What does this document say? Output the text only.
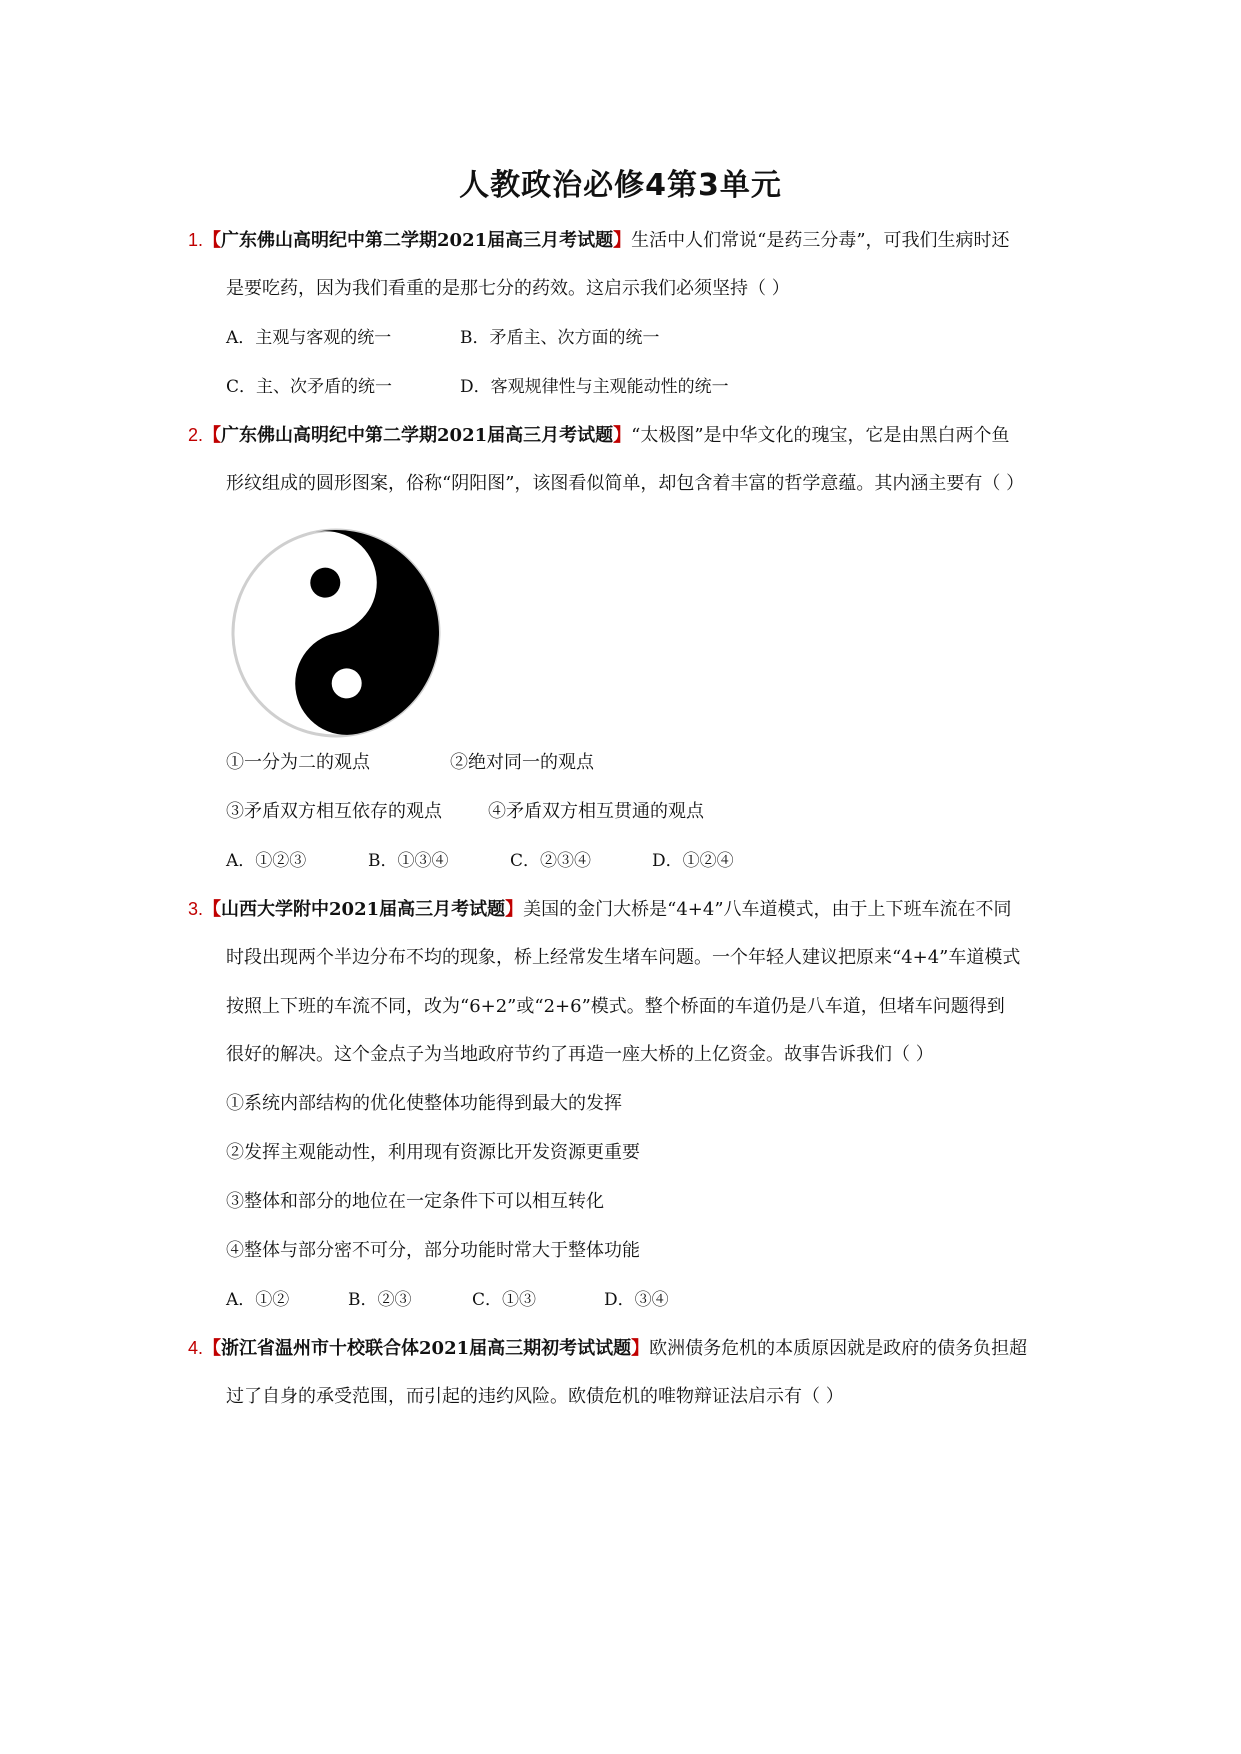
人教政治必修4第3单元
1.【广东佛山高明纪中第二学期2021届高三月考试题】生活中人们常说“是药三分毒”，可我们生病时还
是要吃药，因为我们看重的是那七分的药效。这启示我们必须坚持（ ）
A．主观与客观的统一	B．矛盾主、次方面的统一
C．主、次矛盾的统一	D．客观规律性与主观能动性的统一
2.【广东佛山高明纪中第二学期2021届高三月考试题】“太极图”是中华文化的瑰宝，它是由黑白两个鱼
形纹组成的圆形图案，俗称“阴阳图”，该图看似简单，却包含着丰富的哲学意蕴。其内涵主要有（ ）
①一分为二的观点	②绝对同一的观点
③矛盾双方相互依存的观点	④矛盾双方相互贯通的观点
A．①②③	B．①③④	C．②③④	D．①②④
3.【山西大学附中2021届高三月考试题】美国的金门大桥是“4+4”八车道模式，由于上下班车流在不同
时段出现两个半边分布不均的现象，桥上经常发生堵车问题。一个年轻人建议把原来“4+4”车道模式
按照上下班的车流不同，改为“6+2”或“2+6”模式。整个桥面的车道仍是八车道，但堵车问题得到
很好的解决。这个金点子为当地政府节约了再造一座大桥的上亿资金。故事告诉我们（ ）
①系统内部结构的优化使整体功能得到最大的发挥
②发挥主观能动性，利用现有资源比开发资源更重要
③整体和部分的地位在一定条件下可以相互转化
④整体与部分密不可分，部分功能时常大于整体功能
A．①②	B．②③	C．①③	D．③④
4.【浙江省温州市十校联合体2021届高三期初考试试题】欧洲债务危机的本质原因就是政府的债务负担超
过了自身的承受范围，而引起的违约风险。欧债危机的唯物辩证法启示有（ ）
